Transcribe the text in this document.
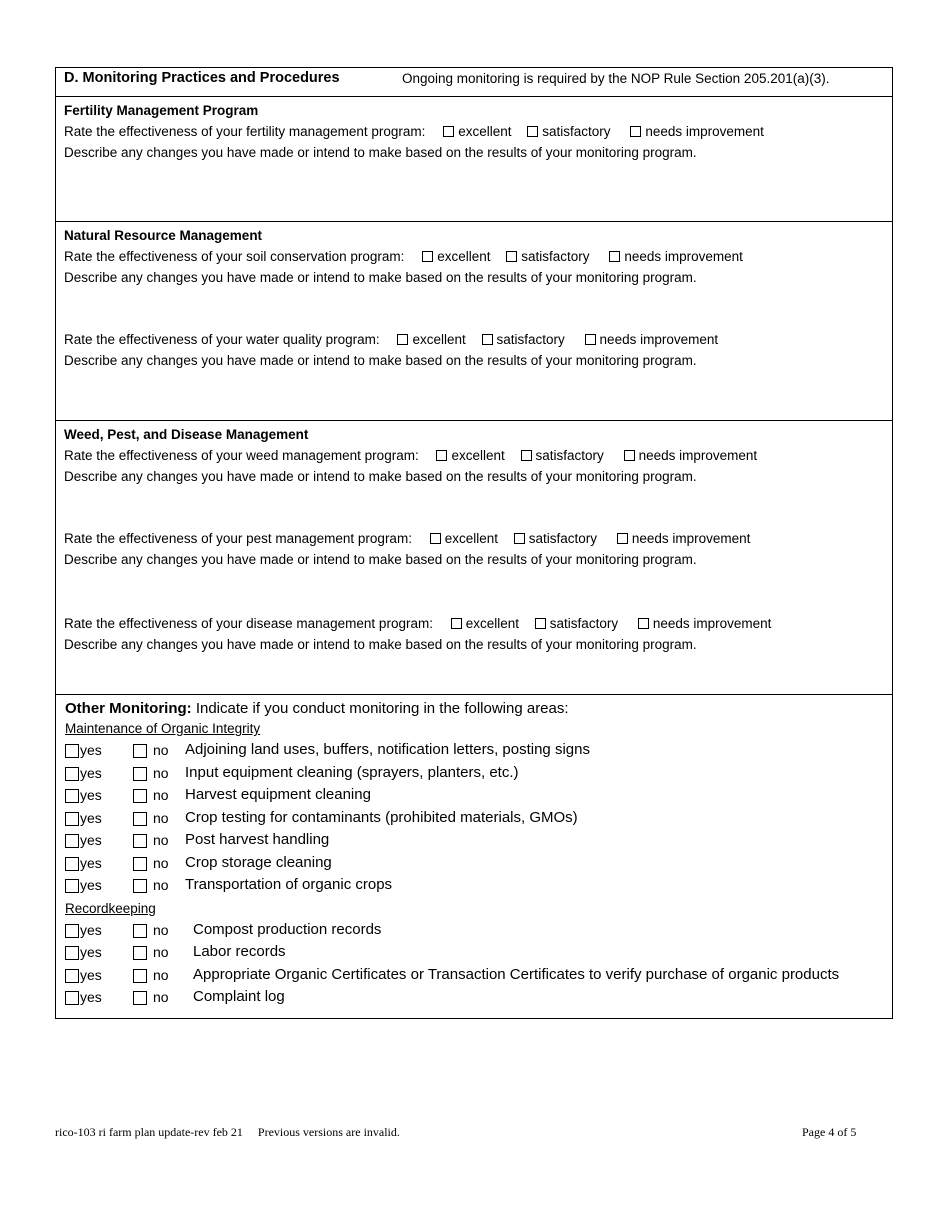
D. Monitoring Practices and Procedures	Ongoing monitoring is required by the NOP Rule Section 205.201(a)(3).
Fertility Management Program
Rate the effectiveness of your fertility management program: excellent satisfactory	needs improvement
Describe any changes you have made or intend to make based on the results of your monitoring program.
Natural Resource Management
Rate the effectiveness of your soil conservation program: excellent satisfactory	needs improvement
Describe any changes you have made or intend to make based on the results of your monitoring program.
Rate the effectiveness of your water quality program: excellent satisfactory	needs improvement
Describe any changes you have made or intend to make based on the results of your monitoring program.
Weed, Pest, and Disease Management
Rate the effectiveness of your weed management program: excellent satisfactory	needs improvement
Describe any changes you have made or intend to make based on the results of your monitoring program.
Rate the effectiveness of your pest management program: excellent satisfactory	needs improvement
Describe any changes you have made or intend to make based on the results of your monitoring program.
Rate the effectiveness of your disease management program: excellent satisfactory	needs improvement
Describe any changes you have made or intend to make based on the results of your monitoring program.
Other Monitoring: Indicate if you conduct monitoring in the following areas:
Maintenance of Organic Integrity
yes	no Adjoining land uses, buffers, notification letters, posting signs
yes	no Input equipment cleaning (sprayers, planters, etc.)
yes	no Harvest equipment cleaning
yes	no Crop testing for contaminants (prohibited materials, GMOs)
yes	no Post harvest handling
yes	no Crop storage cleaning
yes	no Transportation of organic crops
Recordkeeping
yes	no Compost production records
yes	no Labor records
yes	no Appropriate Organic Certificates or Transaction Certificates to verify purchase of organic products
yes	no Complaint log
rico-103 ri farm plan update-rev feb 21     Previous versions are invalid.	Page 4 of 5
